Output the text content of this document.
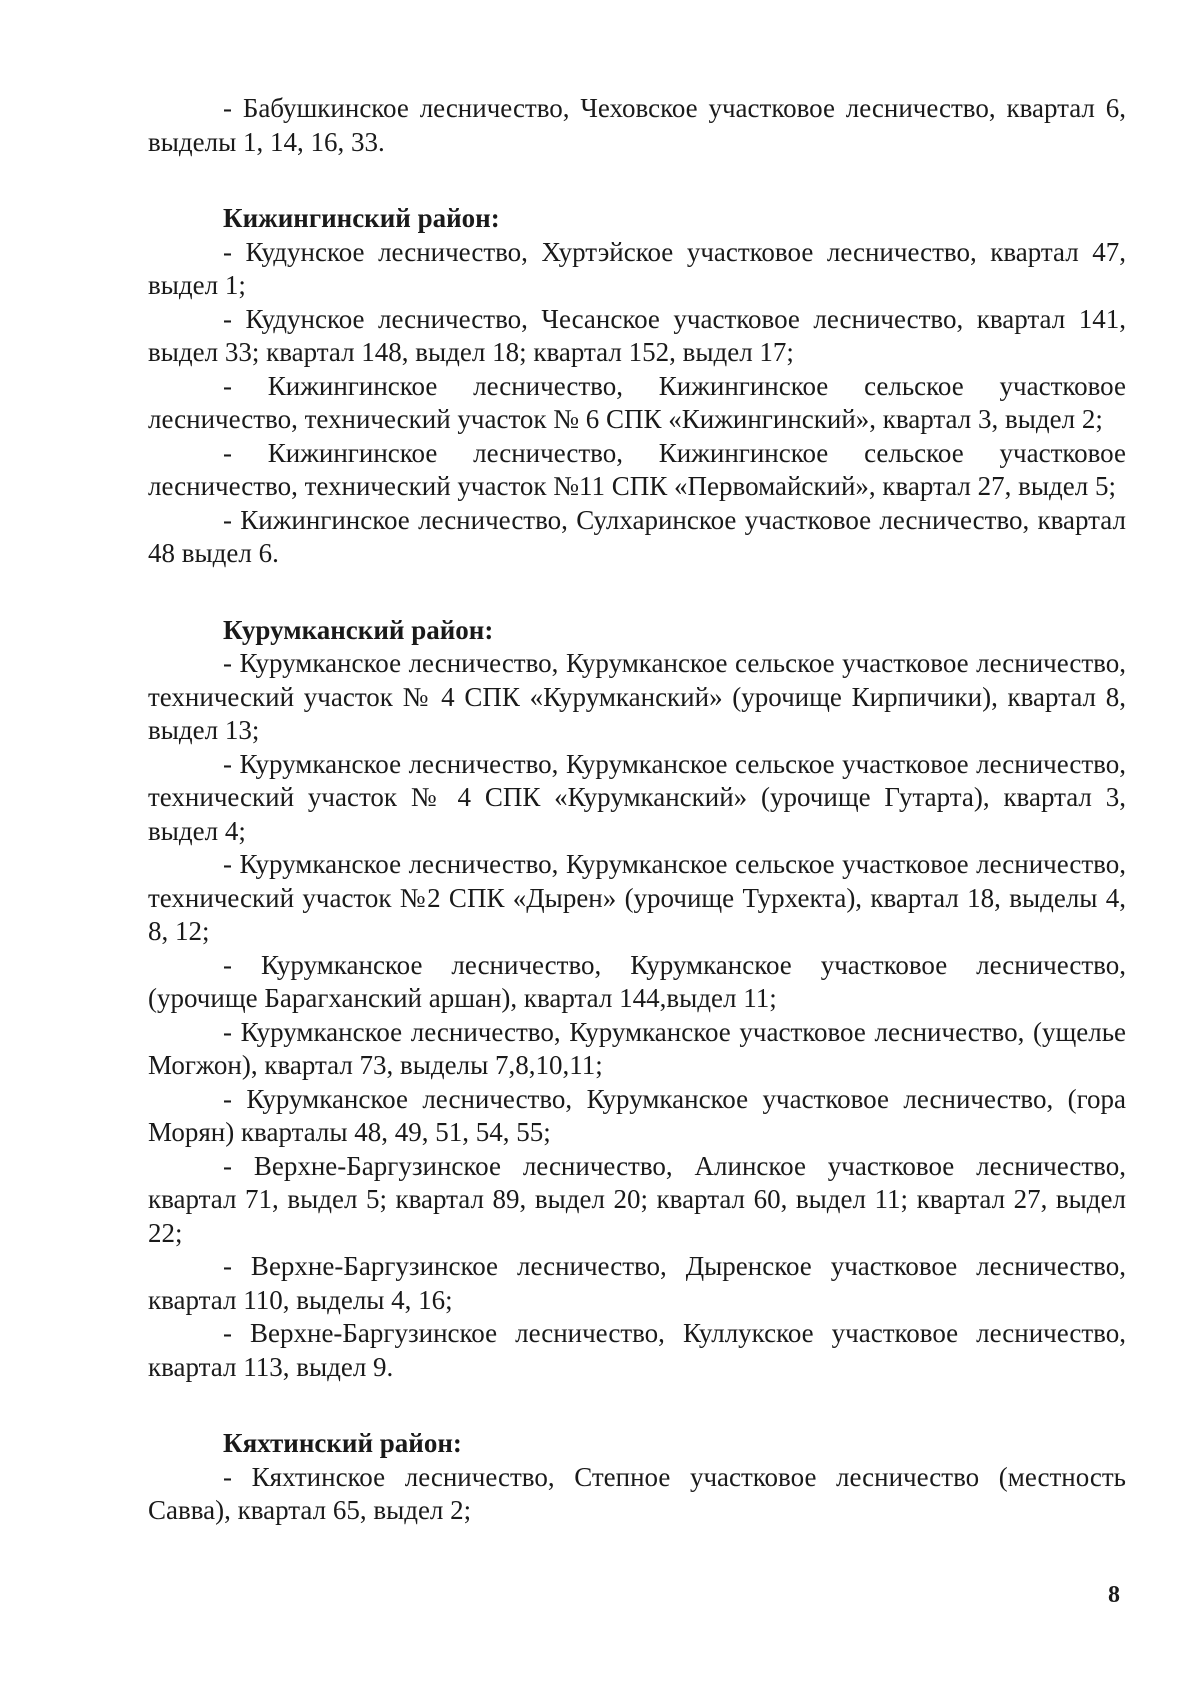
- Бабушкинское лесничество, Чеховское участковое лесничество, квартал 6, выделы 1, 14, 16, 33.

Кижингинский район:

- Кудунское лесничество, Хуртэйское участковое лесничество, квартал 47, выдел 1;

- Кудунское лесничество, Чесанское участковое лесничество, квартал 141, выдел 33; квартал 148, выдел 18; квартал 152, выдел 17;

- Кижингинское лесничество, Кижингинское сельское участковое лесничество, технический участок № 6 СПК «Кижингинский», квартал 3, выдел 2;

- Кижингинское лесничество, Кижингинское сельское участковое лесничество, технический участок №11 СПК «Первомайский», квартал 27, выдел 5;

- Кижингинское лесничество, Сулхаринское участковое лесничество, квартал 48 выдел 6.

Курумканский район:

- Курумканское лесничество, Курумканское сельское участковое лесничество, технический участок № 4 СПК «Курумканский» (урочище Кирпичики), квартал 8, выдел 13;

- Курумканское лесничество, Курумканское сельское участковое лесничество, технический участок № 4 СПК «Курумканский» (урочище Гутарта), квартал 3, выдел 4;

- Курумканское лесничество, Курумканское сельское участковое лесничество, технический участок №2 СПК «Дырен» (урочище Турхекта), квартал 18, выделы 4, 8, 12;

- Курумканское лесничество, Курумканское участковое лесничество, (урочище Барагханский аршан), квартал 144,выдел 11;

- Курумканское лесничество, Курумканское участковое лесничество, (ущелье Могжон), квартал 73, выделы 7,8,10,11;

- Курумканское лесничество, Курумканское участковое лесничество, (гора Морян) кварталы 48, 49, 51, 54, 55;

- Верхне-Баргузинское лесничество, Алинское участковое лесничество, квартал 71, выдел 5; квартал 89, выдел 20; квартал 60, выдел 11; квартал 27, выдел 22;

- Верхне-Баргузинское лесничество, Дыренское участковое лесничество, квартал 110, выделы 4, 16;

- Верхне-Баргузинское лесничество, Куллукское участковое лесничество, квартал 113, выдел 9.

Кяхтинский район:

- Кяхтинское лесничество, Степное участковое лесничество (местность Савва), квартал 65, выдел 2;

8
